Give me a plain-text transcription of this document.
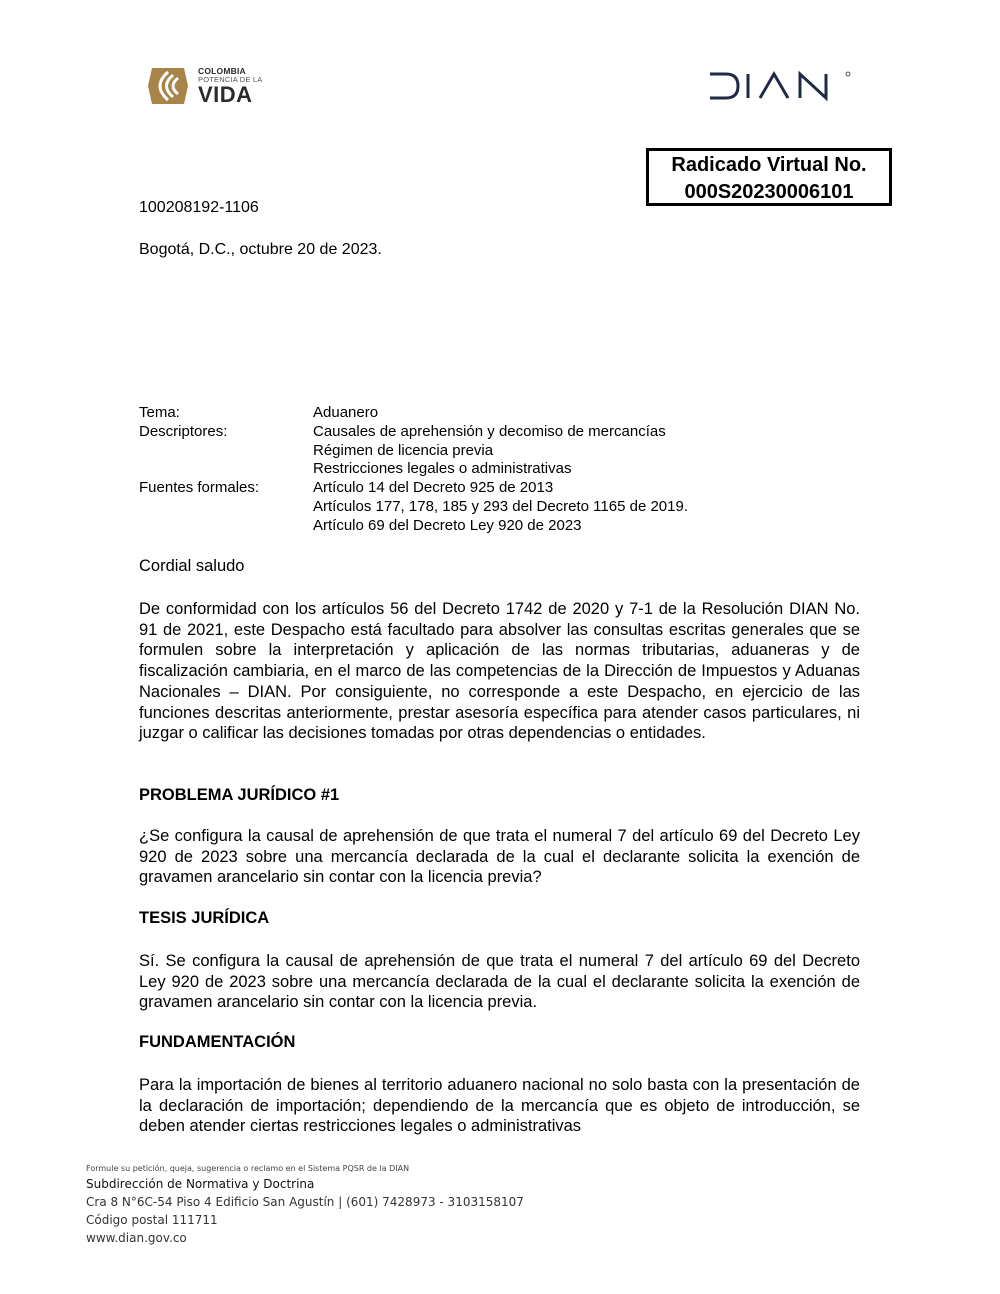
COLOMBIA
POTENCIA DE LA
VIDA
Radicado Virtual No.
000S20230006101
100208192-1106
Bogotá, D.C., octubre 20 de 2023.
Tema:	Aduanero
Descriptores:	Causales de aprehensión y decomiso de mercancías
Régimen de licencia previa
Restricciones legales o administrativas
Fuentes formales:	Artículo 14 del Decreto 925 de 2013
Artículos 177, 178, 185 y 293 del Decreto 1165 de 2019.
Artículo 69 del Decreto Ley 920 de 2023
Cordial saludo
De conformidad con los artículos 56 del Decreto 1742 de 2020 y 7-1 de la Resolución DIAN No. 91 de 2021, este Despacho está facultado para absolver las consultas escritas generales que se formulen sobre la interpretación y aplicación de las normas tributarias, aduaneras y de fiscalización cambiaria, en el marco de las competencias de la Dirección de Impuestos y Aduanas Nacionales – DIAN. Por consiguiente, no corresponde a este Despacho, en ejercicio de las funciones descritas anteriormente, prestar asesoría específica para atender casos particulares, ni juzgar o calificar las decisiones tomadas por otras dependencias o entidades.
PROBLEMA JURÍDICO #1
¿Se configura la causal de aprehensión de que trata el numeral 7 del artículo 69 del Decreto Ley 920 de 2023 sobre una mercancía declarada de la cual el declarante solicita la exención de gravamen arancelario sin contar con la licencia previa?
TESIS JURÍDICA
Sí. Se configura la causal de aprehensión de que trata el numeral 7 del artículo 69 del Decreto Ley 920 de 2023 sobre una mercancía declarada de la cual el declarante solicita la exención de gravamen arancelario sin contar con la licencia previa.
FUNDAMENTACIÓN
Para la importación de bienes al territorio aduanero nacional no solo basta con la presentación de la declaración de importación; dependiendo de la mercancía que es objeto de introducción, se deben atender ciertas restricciones legales o administrativas
Formule su petición, queja, sugerencia o reclamo en el Sistema PQSR de la DIAN
Subdirección de Normativa y Doctrina
Cra 8 N°6C-54 Piso 4 Edificio San Agustín | (601) 7428973 - 3103158107
Código postal 111711
www.dian.gov.co
